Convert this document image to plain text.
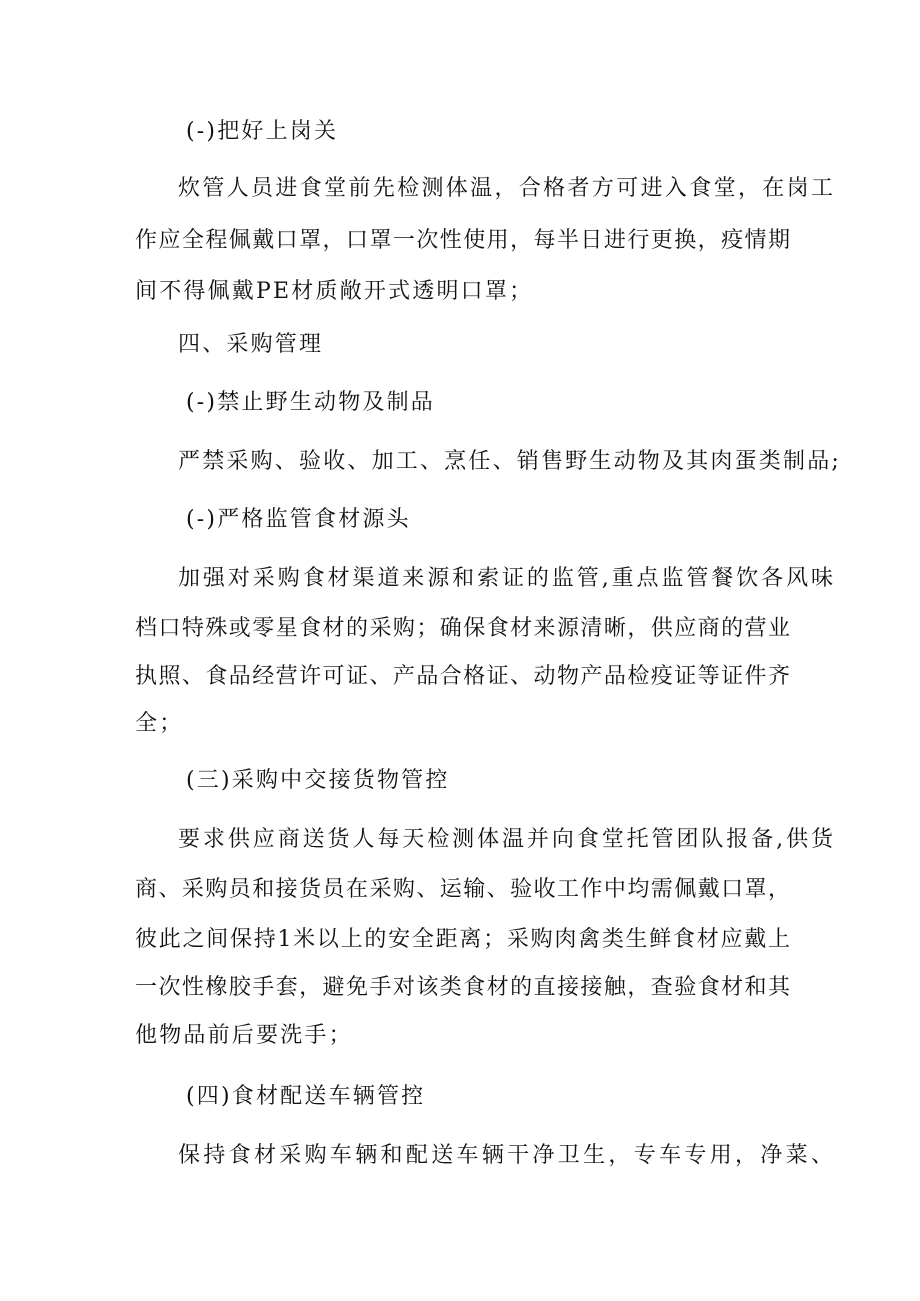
(-)把好上岗关
炊管人员进食堂前先检测体温，合格者方可进入食堂，在岗工
作应全程佩戴口罩，口罩一次性使用，每半日进行更换，疫情期
间不得佩戴PE材质敞开式透明口罩；
四、采购管理
(-)禁止野生动物及制品
严禁采购、验收、加工、烹任、销售野生动物及其肉蛋类制品;
(-)严格监管食材源头
加强对采购食材渠道来源和索证的监管,重点监管餐饮各风味
档口特殊或零星食材的采购；确保食材来源清晰，供应商的营业
执照、食品经营许可证、产品合格证、动物产品检疫证等证件齐
全；
(三)采购中交接货物管控
要求供应商送货人每天检测体温并向食堂托管团队报备,供货
商、采购员和接货员在采购、运输、验收工作中均需佩戴口罩，
彼此之间保持1米以上的安全距离；采购肉禽类生鲜食材应戴上
一次性橡胶手套，避免手对该类食材的直接接触，查验食材和其
他物品前后要洗手；
(四)食材配送车辆管控
保持食材采购车辆和配送车辆干净卫生，专车专用，净菜、
